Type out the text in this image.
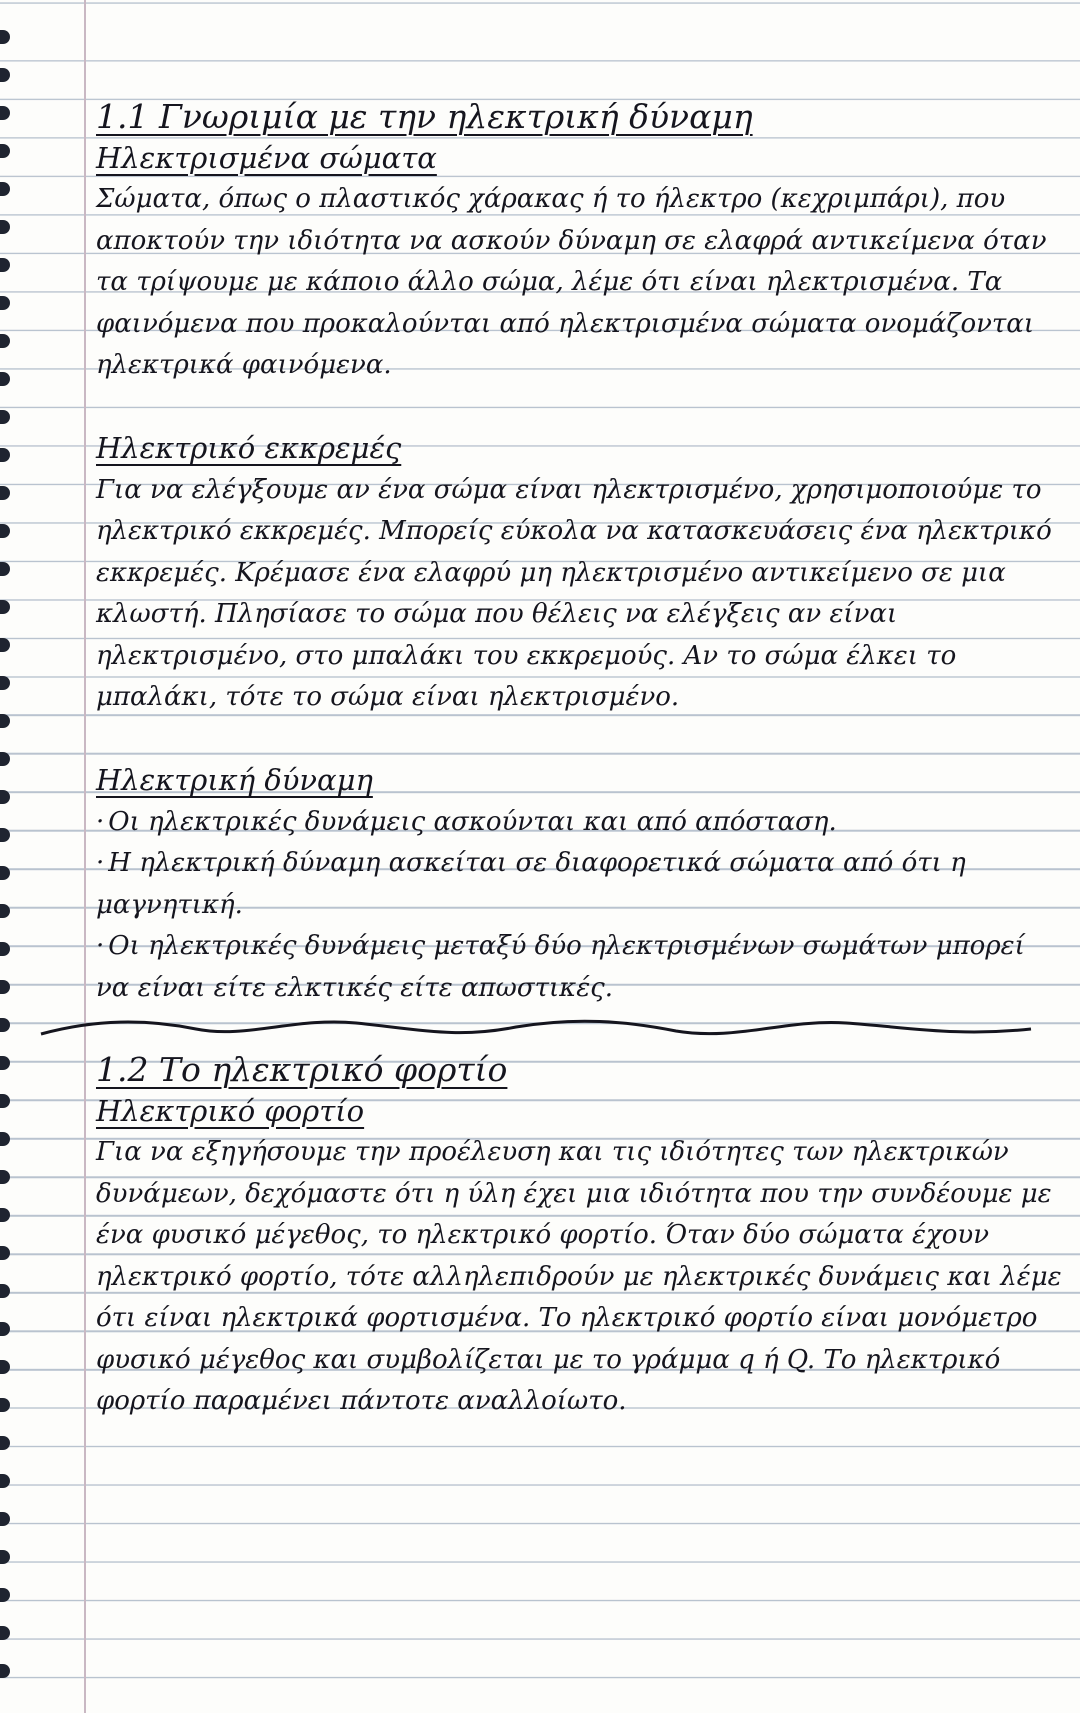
1.1 Γνωριμία με την ηλεκτρική δύναμη
Ηλεκτρισμένα σώματα

Σώματα, όπως ο πλαστικός χάρακας ή το ήλεκτρο (κεχριμπάρι), που αποκτούν την ιδιότητα να ασκούν δύναμη σε ελαφρά αντικείμενα όταν τα τρίψουμε με κάποιο άλλο σώμα, λέμε ότι είναι ηλεκτρισμένα. Τα φαινόμενα που προκαλούνται από ηλεκτρισμένα σώματα ονομάζονται ηλεκτρικά φαινόμενα.

Ηλεκτρικό εκκρεμές

Για να ελέγξουμε αν ένα σώμα είναι ηλεκτρισμένο, χρησιμοποιούμε το ηλεκτρικό εκκρεμές. Μπορείς εύκολα να κατασκευάσεις ένα ηλεκτρικό εκκρεμές. Κρέμασε ένα ελαφρύ μη ηλεκτρισμένο αντικείμενο σε μια κλωστή. Πλησίασε το σώμα που θέλεις να ελέγξεις αν είναι ηλεκτρισμένο, στο μπαλάκι του εκκρεμούς. Αν το σώμα έλκει το μπαλάκι, τότε το σώμα είναι ηλεκτρισμένο.

Ηλεκτρική δύναμη
· Οι ηλεκτρικές δυνάμεις ασκούνται και από απόσταση.
· Η ηλεκτρική δύναμη ασκείται σε διαφορετικά σώματα από ότι η μαγνητική.
· Οι ηλεκτρικές δυνάμεις μεταξύ δύο ηλεκτρισμένων σωμάτων μπορεί να είναι είτε ελκτικές είτε απωστικές.
1.2 Το ηλεκτρικό φορτίο
Ηλεκτρικό φορτίο

Για να εξηγήσουμε την προέλευση και τις ιδιότητες των ηλεκτρικών δυνάμεων, δεχόμαστε ότι η ύλη έχει μια ιδιότητα που την συνδέουμε με ένα φυσικό μέγεθος, το ηλεκτρικό φορτίο. Όταν δύο σώματα έχουν ηλεκτρικό φορτίο, τότε αλληλεπιδρούν με ηλεκτρικές δυνάμεις και λέμε ότι είναι ηλεκτρικά φορτισμένα. Το ηλεκτρικό φορτίο είναι μονόμετρο φυσικό μέγεθος και συμβολίζεται με το γράμμα q ή Q. Το ηλεκτρικό φορτίο παραμένει πάντοτε αναλλοίωτο.
